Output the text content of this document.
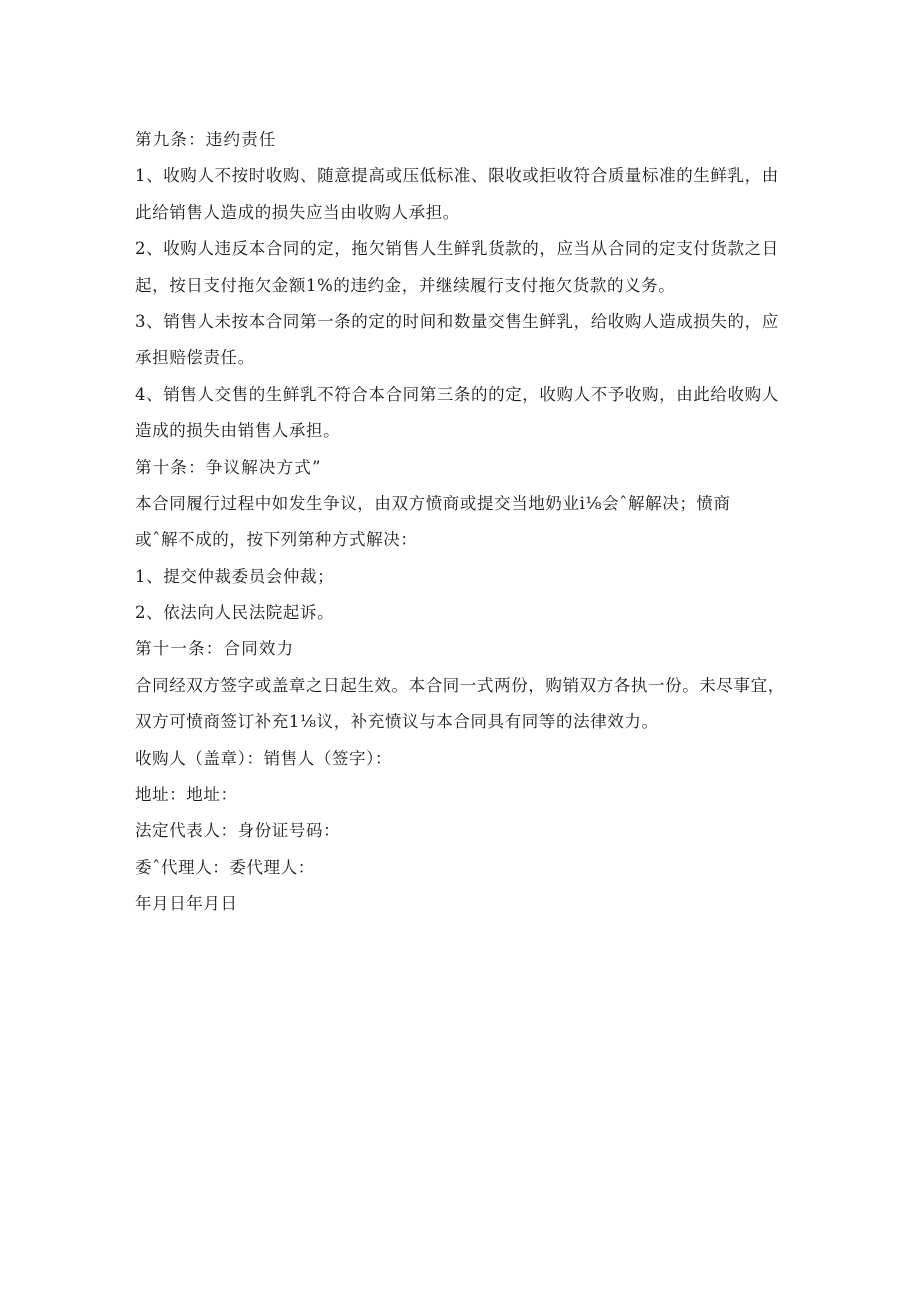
第九条：违约责任
1、收购人不按时收购、随意提高或压低标准、限收或拒收符合质量标准的生鲜乳，由
此给销售人造成的损失应当由收购人承担。
2、收购人违反本合同的定，拖欠销售人生鲜乳货款的，应当从合同的定支付货款之日
起，按日支付拖欠金额1%的违约金，并继续履行支付拖欠货款的义务。
3、销售人未按本合同第一条的定的时间和数量交售生鲜乳，给收购人造成损失的，应
承担赔偿责任。
4、销售人交售的生鲜乳不符合本合同第三条的的定，收购人不予收购，由此给收购人
造成的损失由销售人承担。
第十条：争议解决方式”
本合同履行过程中如发生争议，由双方愤商或提交当地奶业i⅛会ˆ解解决；愤商
或ˆ解不成的，按下列第种方式解决：
1、提交仲裁委员会仲裁；
2、依法向人民法院起诉。
第十一条：合同效力
合同经双方签字或盖章之日起生效。本合同一式两份，购销双方各执一份。未尽事宜，
双方可愤商签订补充1⅛议，补充愤议与本合同具有同等的法律效力。
收购人（盖章）：销售人（签字）：
地址：地址：
法定代表人：身份证号码：
委ˆ代理人：委代理人：
年月日年月日
